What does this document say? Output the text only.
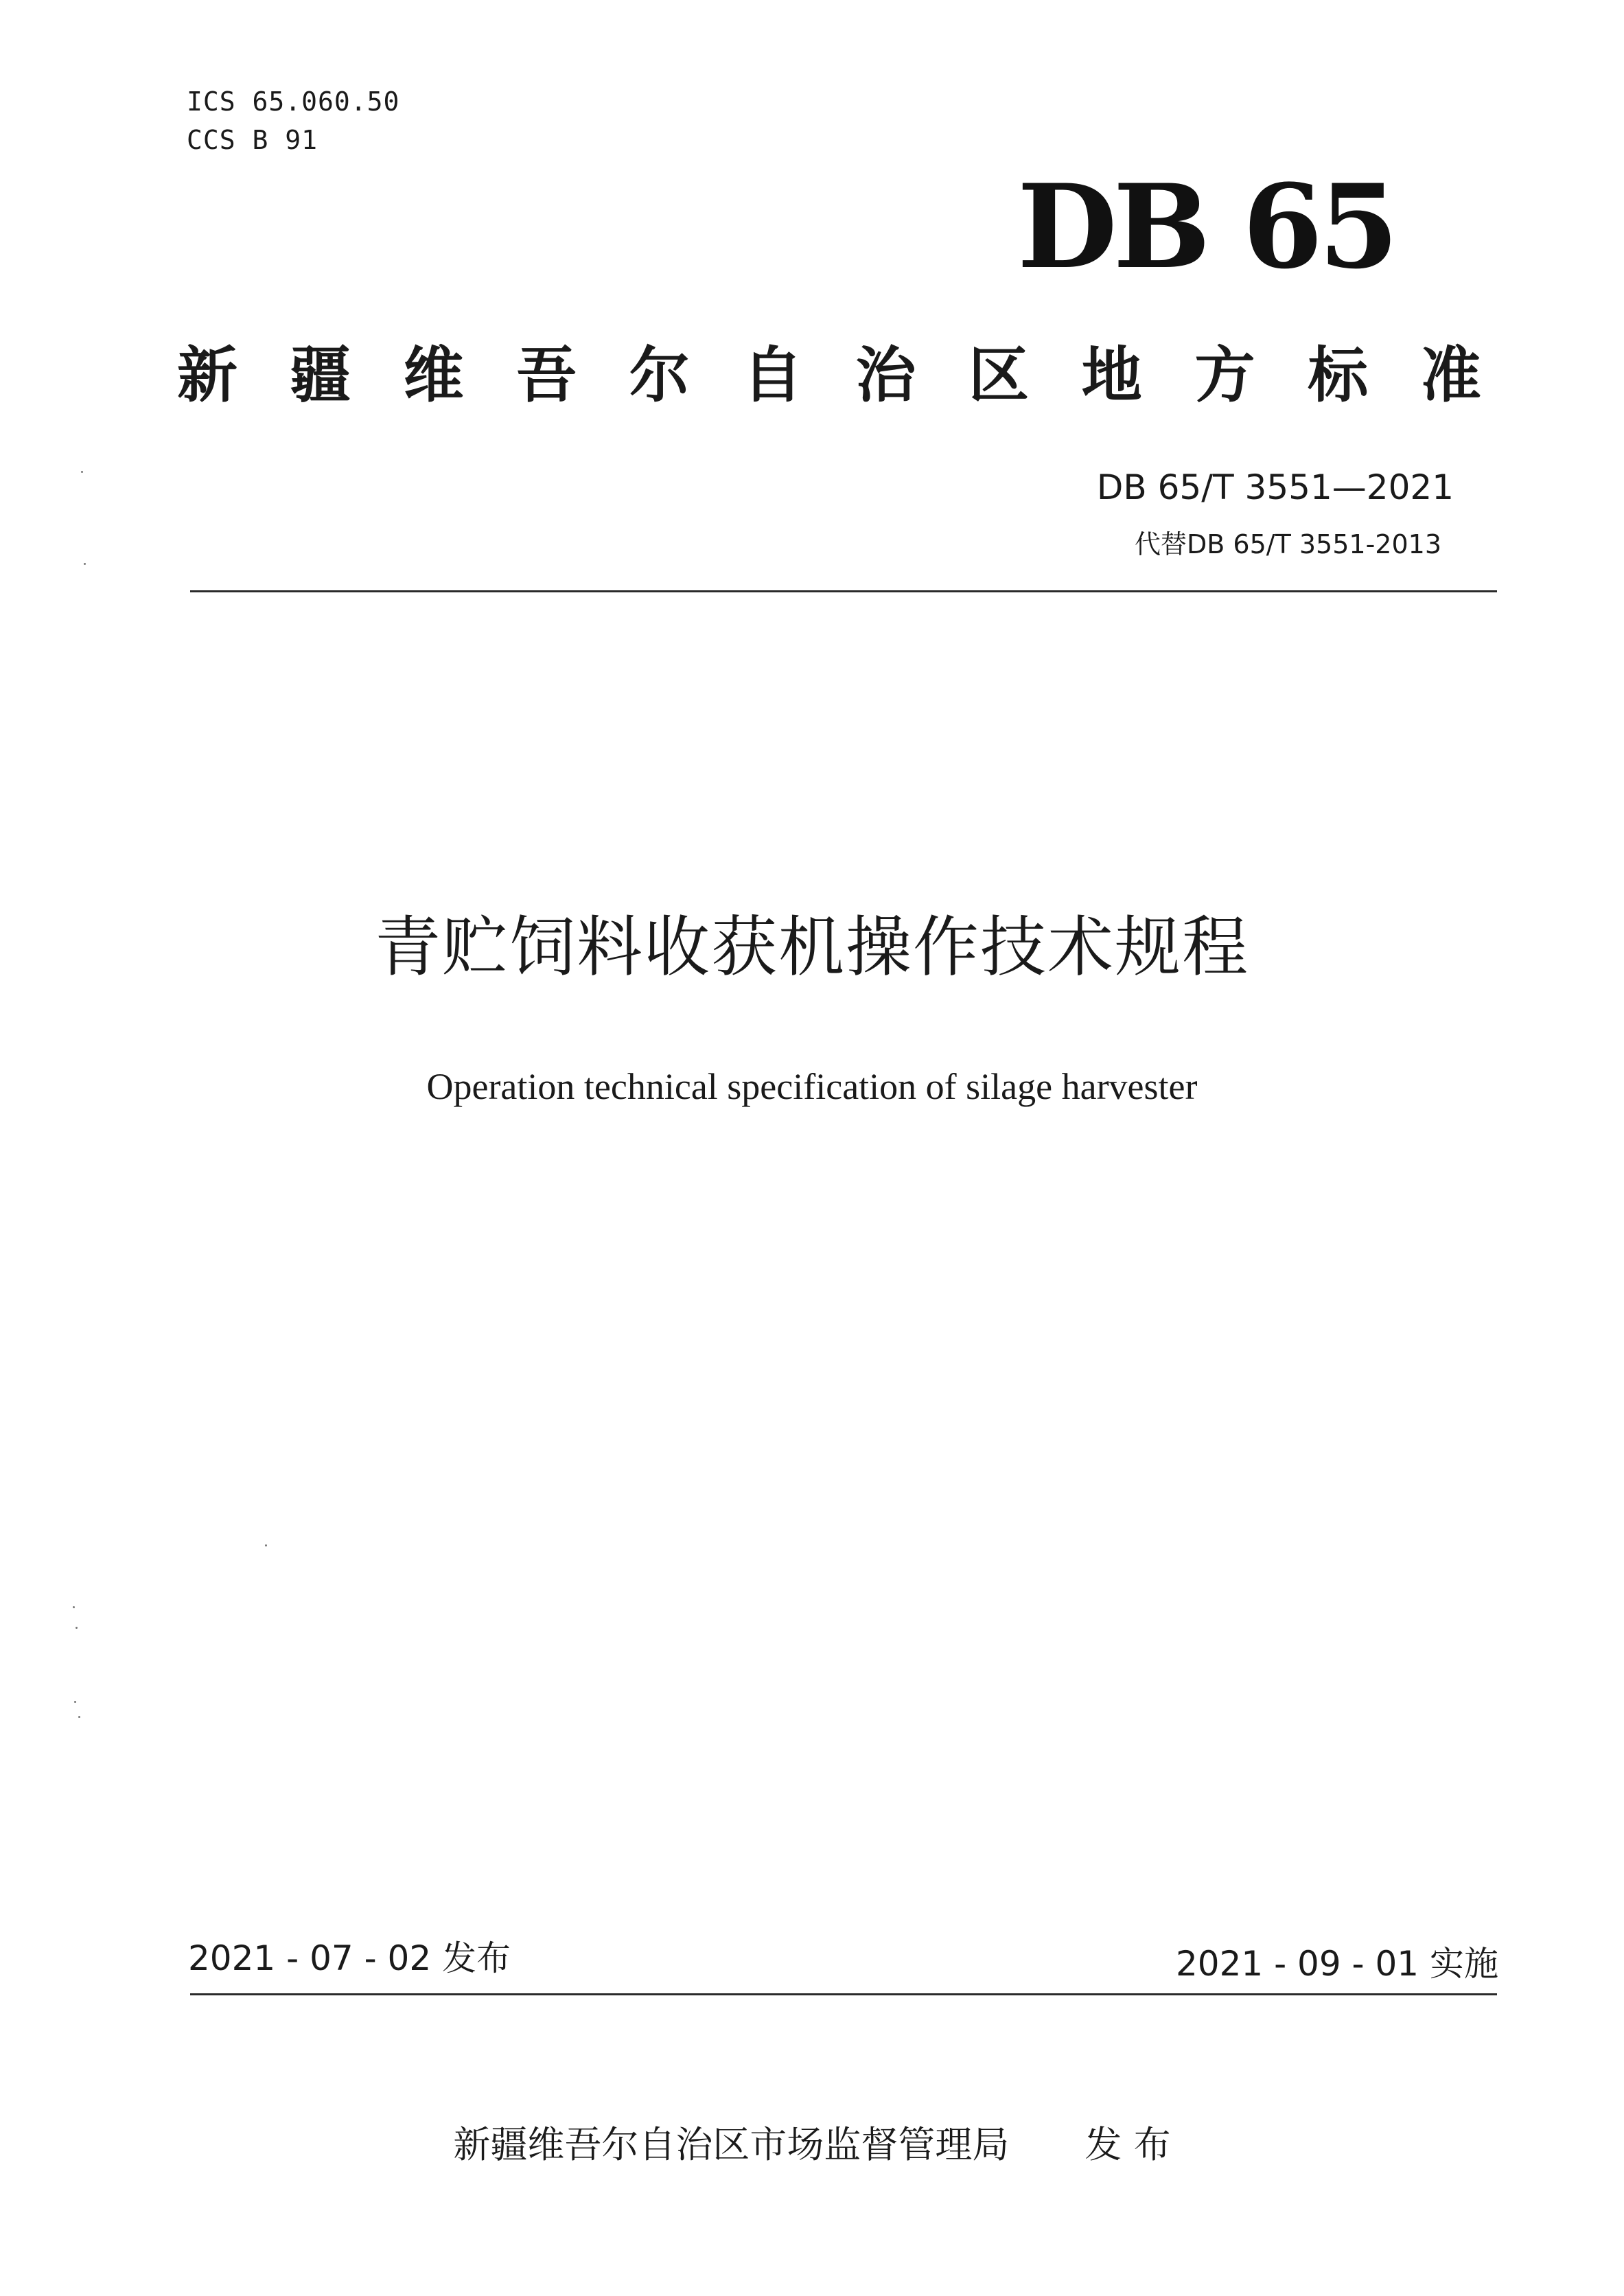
ICS 65.060.50
CCS B 91
DB 65
新 疆 维 吾 尔 自 治 区 地 方 标 准
DB 65/T 3551—2021
代替DB 65/T 3551-2013
青贮饲料收获机操作技术规程
Operation technical specification of silage harvester
2021 - 07 - 02 发布	2021 - 09 - 01 实施
新疆维吾尔自治区市场监督管理局 发 布
